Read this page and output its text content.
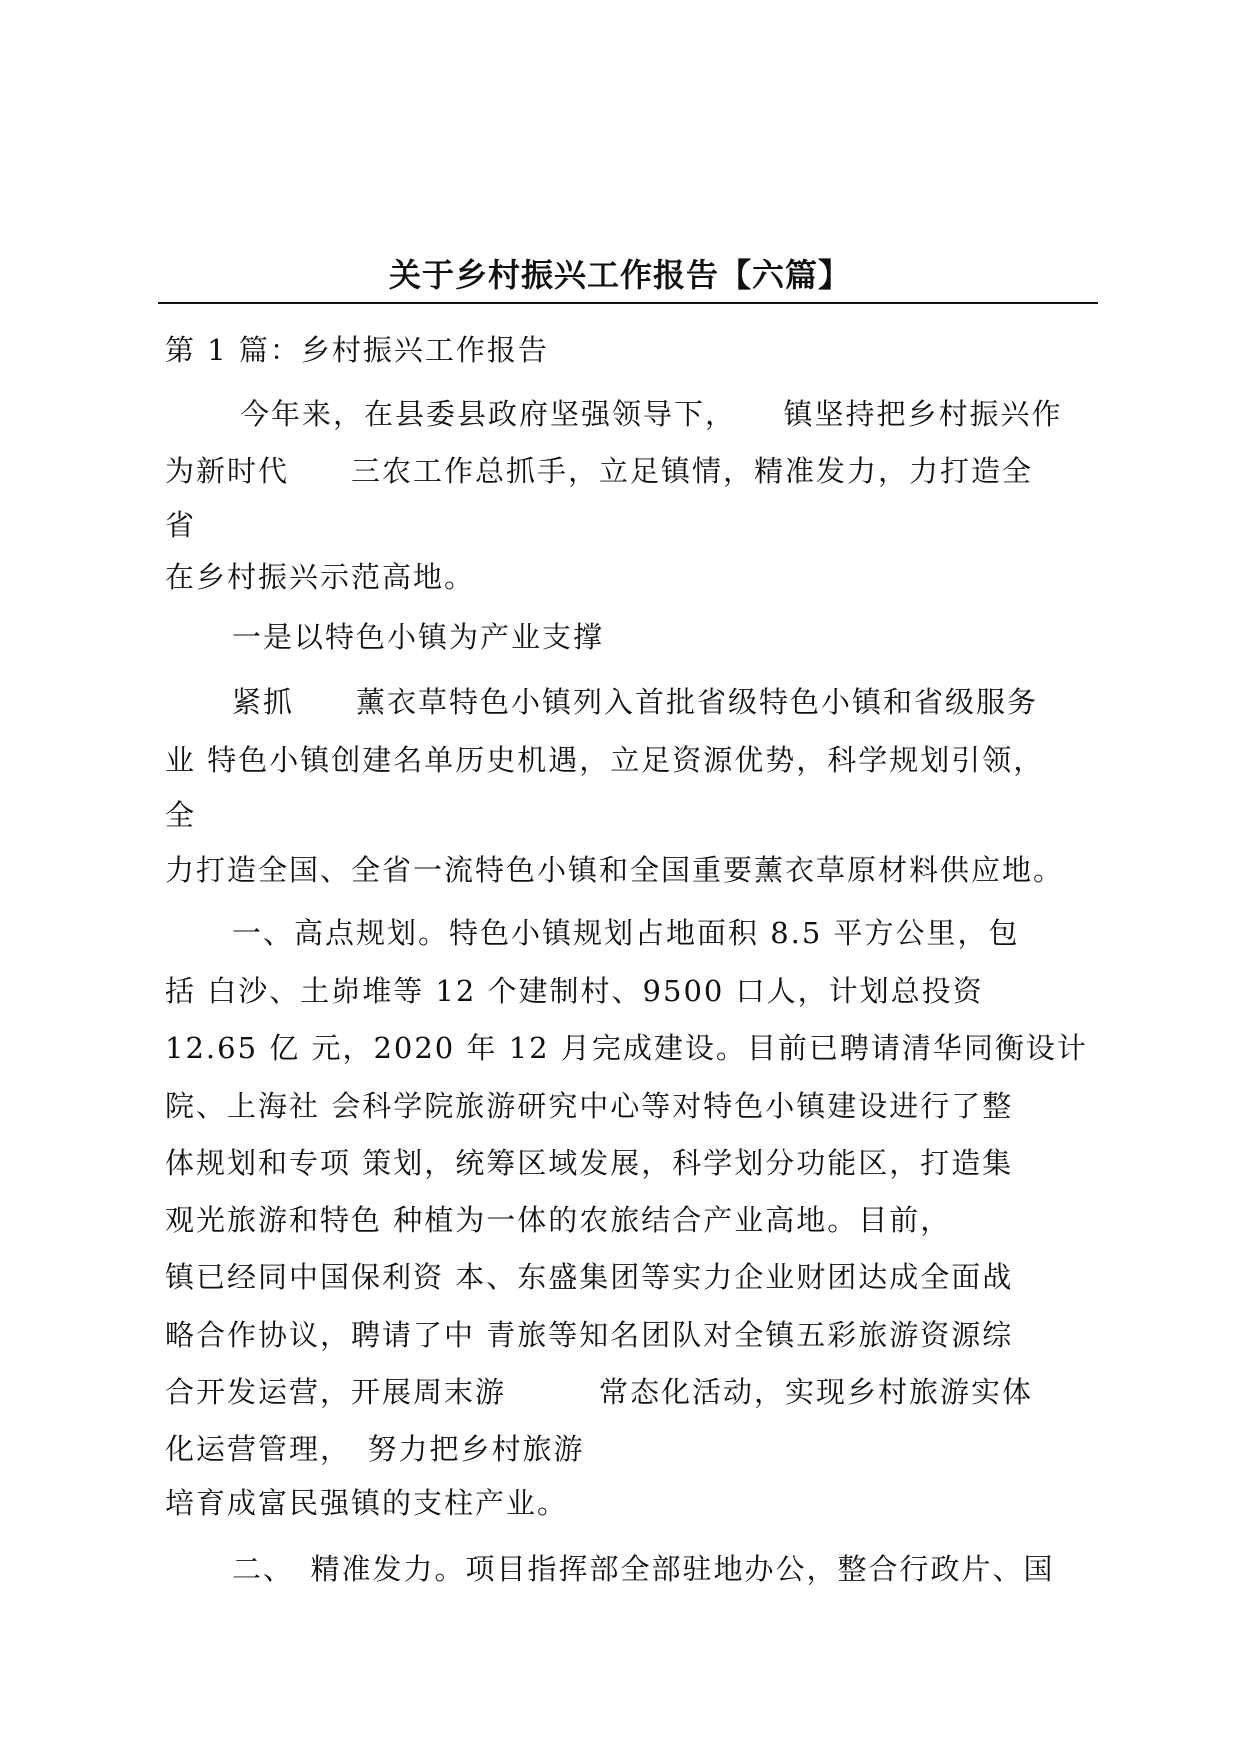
关于乡村振兴工作报告【六篇】
第 1 篇：乡村振兴工作报告
今年来，在县委县政府坚强领导下，　　镇坚持把乡村振兴作
为新时代　　三农工作总抓手，立足镇情，精准发力，力打造全
省
在乡村振兴示范高地。
一是以特色小镇为产业支撑
紧抓　　薰衣草特色小镇列入首批省级特色小镇和省级服务
业 特色小镇创建名单历史机遇，立足资源优势，科学规划引领，
全
力打造全国、全省一流特色小镇和全国重要薰衣草原材料供应地。
一、高点规划。特色小镇规划占地面积 8.5 平方公里，包
括 白沙、土峁堆等 12 个建制村、9500 口人，计划总投资
12.65 亿 元，2020 年 12 月完成建设。目前已聘请清华同衡设计
院、上海社 会科学院旅游研究中心等对特色小镇建设进行了整
体规划和专项 策划，统筹区域发展，科学划分功能区，打造集
观光旅游和特色 种植为一体的农旅结合产业高地。目前，
镇已经同中国保利资 本、东盛集团等实力企业财团达成全面战
略合作协议，聘请了中 青旅等知名团队对全镇五彩旅游资源综
合开发运营，开展周末游　　　常态化活动，实现乡村旅游实体
化运营管理，　努力把乡村旅游
培育成富民强镇的支柱产业。
二、　精准发力。项目指挥部全部驻地办公，整合行政片、国
